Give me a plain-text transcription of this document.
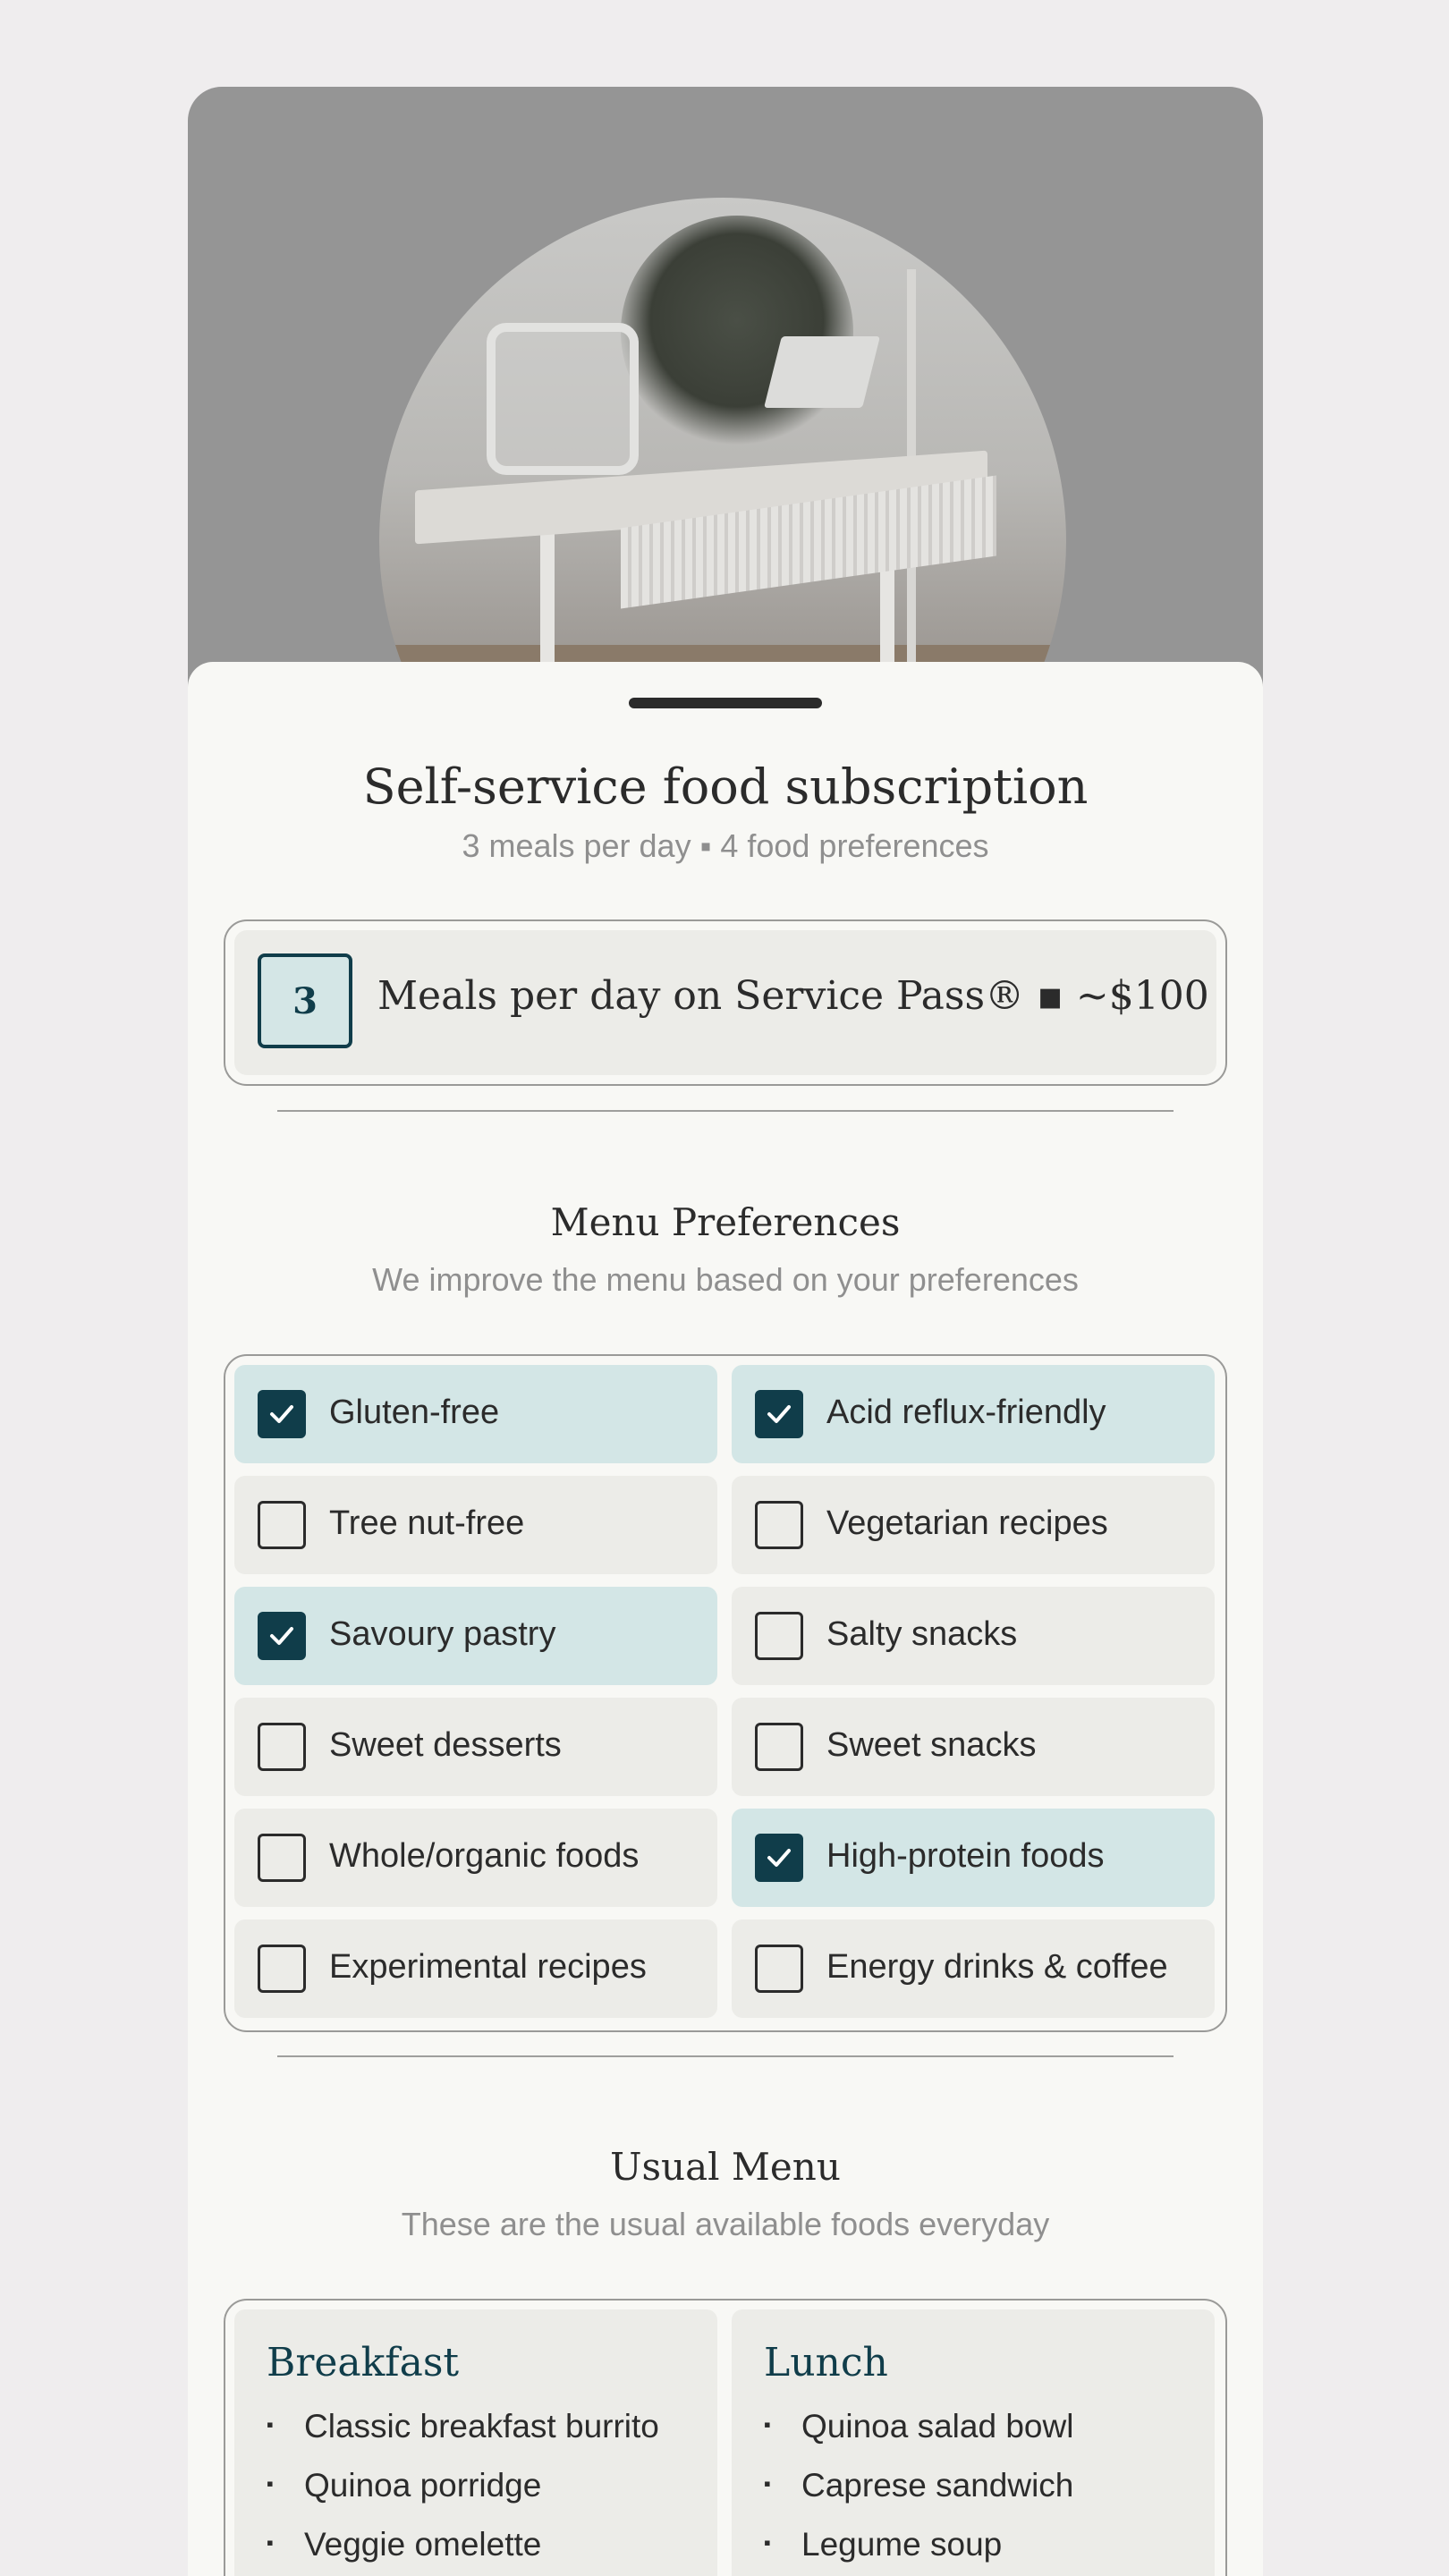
Self-service food subscription
3 meals per day ▪ 4 food preferences
3	Meals per day on Service Pass® ▪ ~$100
Menu Preferences
We improve the menu based on your preferences
Gluten-free	Acid reflux-friendly
Tree nut-free	Vegetarian recipes
Savoury pastry	Salty snacks
Sweet desserts	Sweet snacks
Whole/organic foods	High-protein foods
Experimental recipes	Energy drinks & coffee
Usual Menu
These are the usual available foods everyday
Breakfast
▪ Classic breakfast burrito
▪ Quinoa porridge
▪ Veggie omelette
Lunch
▪ Quinoa salad bowl
▪ Caprese sandwich
▪ Legume soup
